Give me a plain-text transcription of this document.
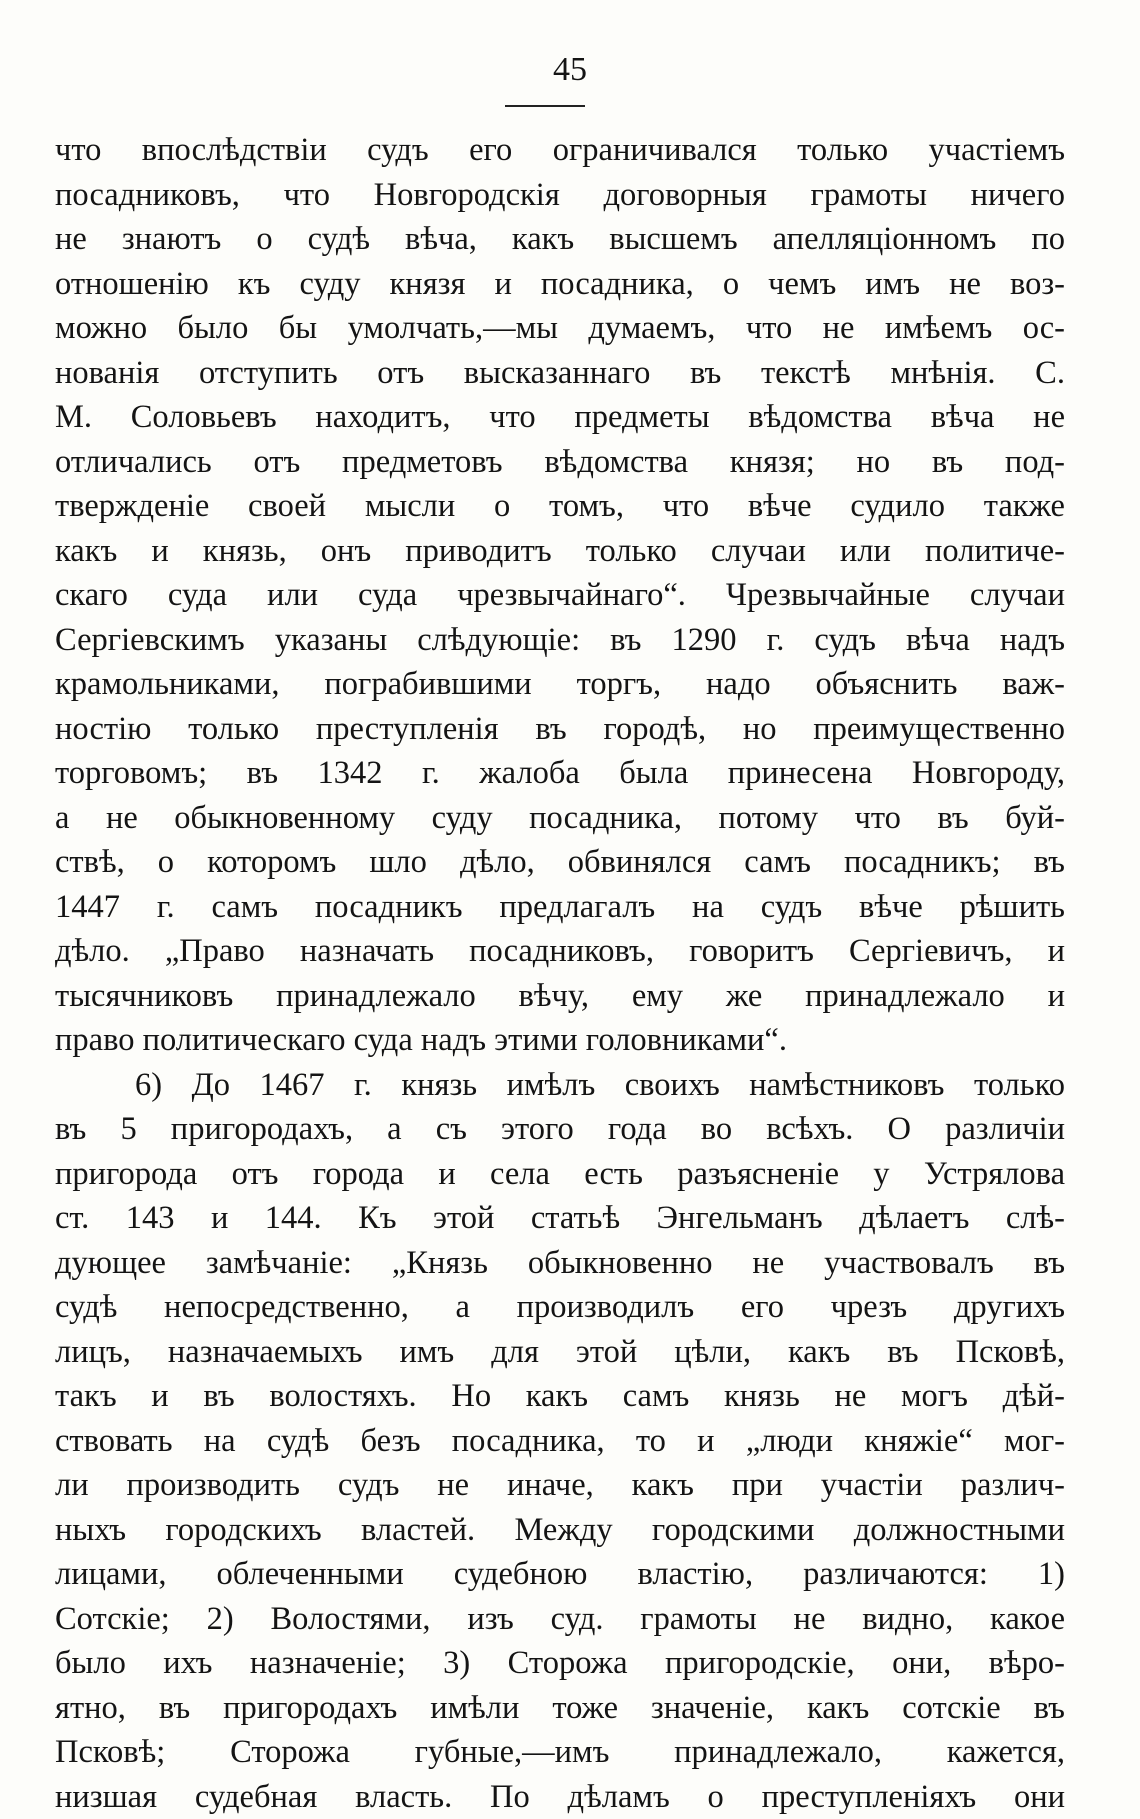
45
что впослѣдствіи судъ его ограничивался только участіемъ
посадниковъ, что Новгородскія договорныя грамоты ничего
не знаютъ о судѣ вѣча, какъ высшемъ апелляціонномъ по
отношенію къ суду князя и посадника, о чемъ имъ не воз-
можно было бы умолчать,—мы думаемъ, что не имѣемъ ос-
нованія отступить отъ высказаннаго въ текстѣ мнѣнія. С.
М. Соловьевъ находитъ, что предметы вѣдомства вѣча не
отличались отъ предметовъ вѣдомства князя; но въ под-
твержденіе своей мысли о томъ, что вѣче судило также
какъ и князь, онъ приводитъ только случаи или политиче-
скаго суда или суда чрезвычайнаго“. Чрезвычайные случаи
Сергіевскимъ указаны слѣдующіе: въ 1290 г. судъ вѣча надъ
крамольниками, пограбившими торгъ, надо объяснить важ-
ностію только преступленія въ городѣ, но преимущественно
торговомъ; въ 1342 г. жалоба была принесена Новгороду,
а не обыкновенному суду посадника, потому что въ буй-
ствѣ, о которомъ шло дѣло, обвинялся самъ посадникъ; въ
1447 г. самъ посадникъ предлагалъ на судъ вѣче рѣшить
дѣло. „Право назначать посадниковъ, говоритъ Сергіевичъ, и
тысячниковъ принадлежало вѣчу, ему же принадлежало и
право политическаго суда надъ этими головниками“.
6) До 1467 г. князь имѣлъ своихъ намѣстниковъ только
въ 5 пригородахъ, а съ этого года во всѣхъ. О различіи
пригорода отъ города и села есть разъясненіе у Устрялова
ст. 143 и 144. Къ этой статьѣ Энгельманъ дѣлаетъ слѣ-
дующее замѣчаніе: „Князь обыкновенно не участвовалъ въ
судѣ непосредственно, а производилъ его чрезъ другихъ
лицъ, назначаемыхъ имъ для этой цѣли, какъ въ Псковѣ,
такъ и въ волостяхъ. Но какъ самъ князь не могъ дѣй-
ствовать на судѣ безъ посадника, то и „люди княжіе“ мог-
ли производить судъ не иначе, какъ при участіи различ-
ныхъ городскихъ властей. Между городскими должностными
лицами, облеченными судебною властію, различаются: 1)
Сотскіе; 2) Волостями, изъ суд. грамоты не видно, какое
было ихъ назначеніе; 3) Сторожа пригородскіе, они, вѣро-
ятно, въ пригородахъ имѣли тоже значеніе, какъ сотскіе въ
Псковѣ; Сторожа губные,—имъ принадлежало, кажется,
низшая судебная власть. По дѣламъ о преступленіяхъ они
